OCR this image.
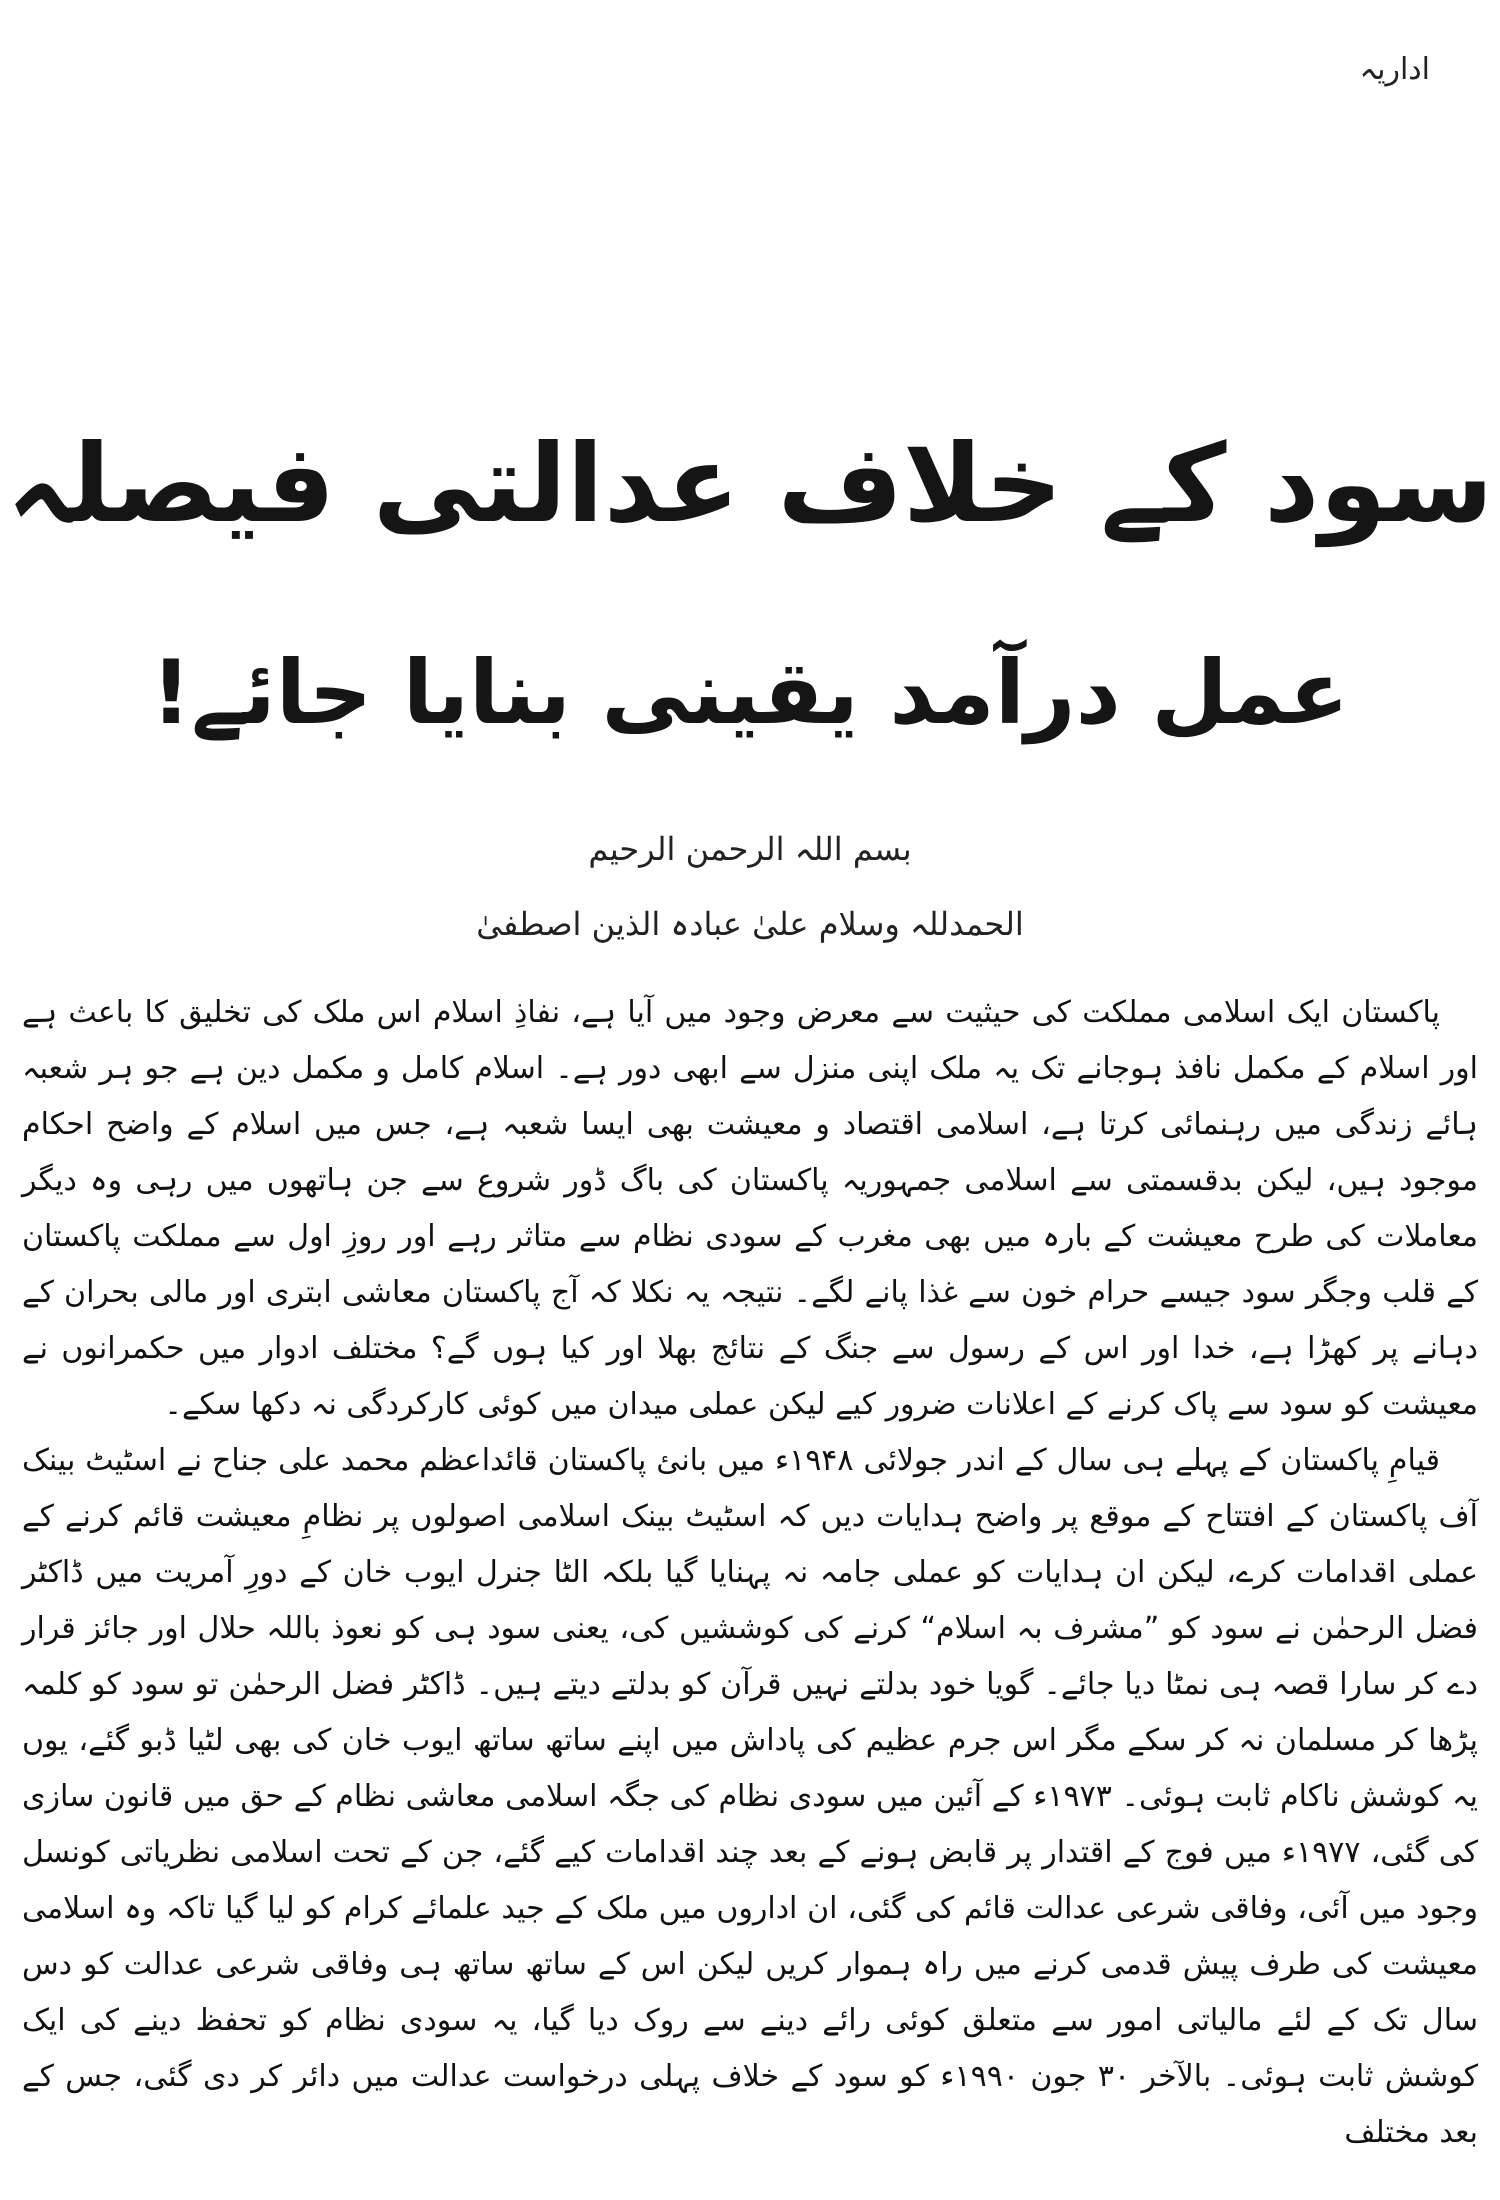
اداریہ
سود کے خلاف عدالتی فیصلہ
عمل درآمد یقینی بنایا جائے!
بسم اللہ الرحمن الرحیم
الحمدللہ وسلام علیٰ عبادہ الذین اصطفیٰ

پاکستان ایک اسلامی مملکت کی حیثیت سے معرض وجود میں آیا ہے، نفاذِ اسلام اس ملک کی تخلیق کا باعث ہے اور اسلام کے مکمل نافذ ہوجانے تک یہ ملک اپنی منزل سے ابھی دور ہے۔ اسلام کامل و مکمل دین ہے جو ہر شعبہ ہائے زندگی میں رہنمائی کرتا ہے، اسلامی اقتصاد و معیشت بھی ایسا شعبہ ہے، جس میں اسلام کے واضح احکام موجود ہیں، لیکن بدقسمتی سے اسلامی جمہوریہ پاکستان کی باگ ڈور شروع سے جن ہاتھوں میں رہی وہ دیگر معاملات کی طرح معیشت کے بارہ میں بھی مغرب کے سودی نظام سے متاثر رہے اور روزِ اول سے مملکت پاکستان کے قلب وجگر سود جیسے حرام خون سے غذا پانے لگے۔ نتیجہ یہ نکلا کہ آج پاکستان معاشی ابتری اور مالی بحران کے دہانے پر کھڑا ہے، خدا اور اس کے رسول سے جنگ کے نتائج بھلا اور کیا ہوں گے؟ مختلف ادوار میں حکمرانوں نے معیشت کو سود سے پاک کرنے کے اعلانات ضرور کیے لیکن عملی میدان میں کوئی کارکردگی نہ دکھا سکے۔

قیامِ پاکستان کے پہلے ہی سال کے اندر جولائی ۱۹۴۸ء میں بانئ پاکستان قائداعظم محمد علی جناح نے اسٹیٹ بینک آف پاکستان کے افتتاح کے موقع پر واضح ہدایات دیں کہ اسٹیٹ بینک اسلامی اصولوں پر نظامِ معیشت قائم کرنے کے عملی اقدامات کرے، لیکن ان ہدایات کو عملی جامہ نہ پہنایا گیا بلکہ الٹا جنرل ایوب خان کے دورِ آمریت میں ڈاکٹر فضل الرحمٰن نے سود کو ”مشرف بہ اسلام“ کرنے کی کوششیں کی، یعنی سود ہی کو نعوذ باللہ حلال اور جائز قرار دے کر سارا قصہ ہی نمٹا دیا جائے۔ گویا خود بدلتے نہیں قرآن کو بدلتے دیتے ہیں۔ ڈاکٹر فضل الرحمٰن تو سود کو کلمہ پڑھا کر مسلمان نہ کر سکے مگر اس جرم عظیم کی پاداش میں اپنے ساتھ ساتھ ایوب خان کی بھی لٹیا ڈبو گئے، یوں یہ کوشش ناکام ثابت ہوئی۔ ۱۹۷۳ء کے آئین میں سودی نظام کی جگہ اسلامی معاشی نظام کے حق میں قانون سازی کی گئی، ۱۹۷۷ء میں فوج کے اقتدار پر قابض ہونے کے بعد چند اقدامات کیے گئے، جن کے تحت اسلامی نظریاتی کونسل وجود میں آئی، وفاقی شرعی عدالت قائم کی گئی، ان اداروں میں ملک کے جید علمائے کرام کو لیا گیا تاکہ وہ اسلامی معیشت کی طرف پیش قدمی کرنے میں راہ ہموار کریں لیکن اس کے ساتھ ساتھ ہی وفاقی شرعی عدالت کو دس سال تک کے لئے مالیاتی امور سے متعلق کوئی رائے دینے سے روک دیا گیا، یہ سودی نظام کو تحفظ دینے کی ایک کوشش ثابت ہوئی۔ بالآخر ۳۰ جون ۱۹۹۰ء کو سود کے خلاف پہلی درخواست عدالت میں دائر کر دی گئی، جس کے بعد مختلف
